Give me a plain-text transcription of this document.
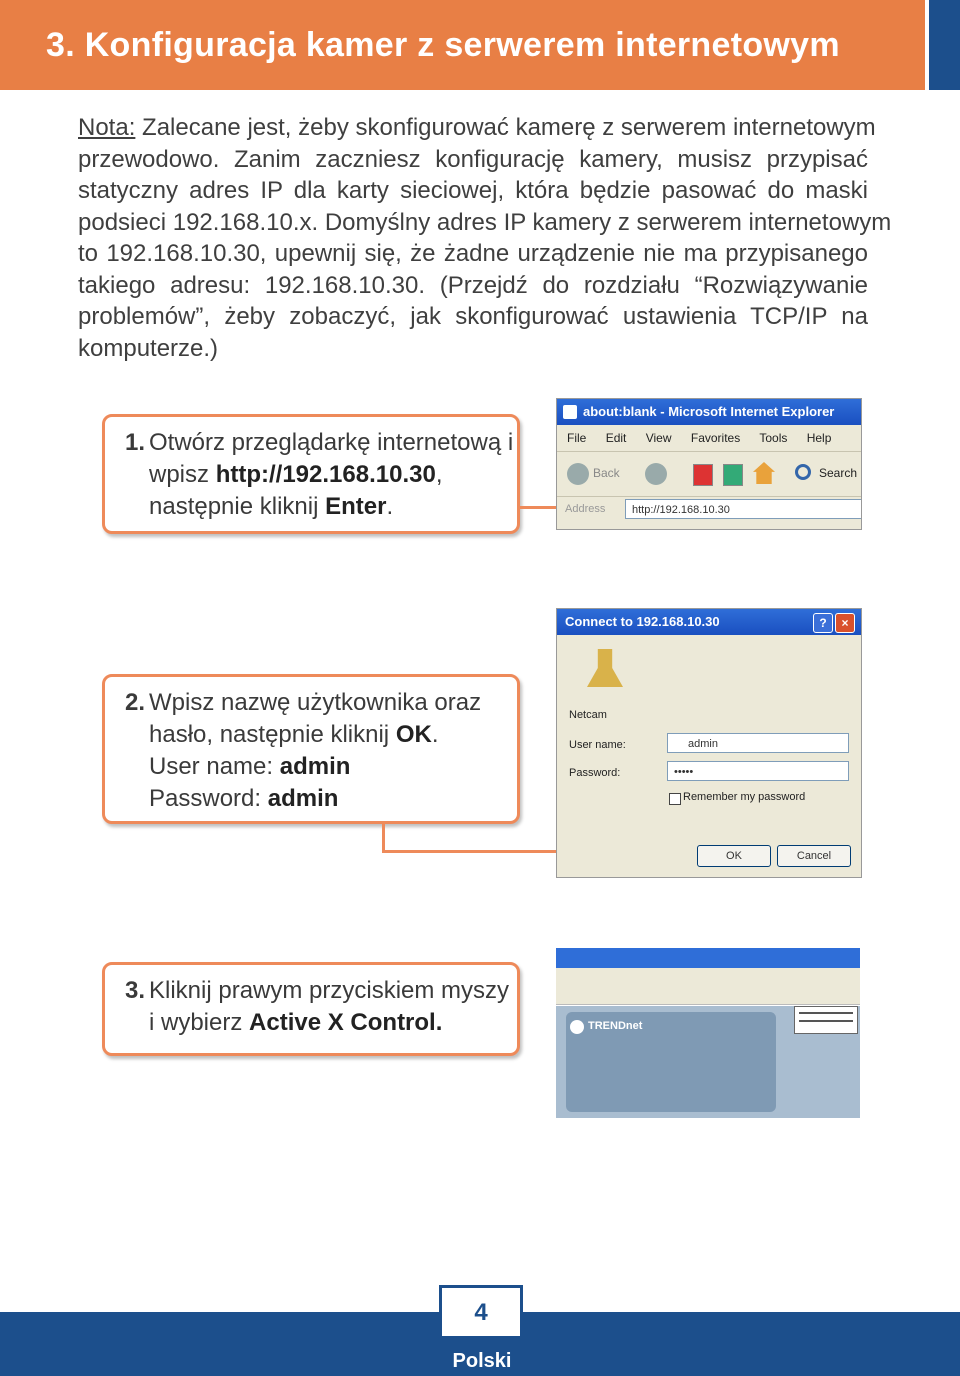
3. Konfiguracja kamer z serwerem internetowym
Nota: Zalecane jest, żeby skonfigurować kamerę z serwerem internetowym
przewodowo. Zanim zaczniesz konfigurację kamery, musisz przypisać
statyczny adres IP dla karty sieciowej, która będzie pasować do maski
podsieci 192.168.10.x. Domyślny adres IP kamery z serwerem internetowym
to 192.168.10.30, upewnij się, że żadne urządzenie nie ma przypisanego
takiego adresu: 192.168.10.30. (Przejdź do rozdziału “Rozwiązywanie
problemów”, żeby zobaczyć, jak skonfigurować ustawienia TCP/IP na
komputerze.)
1. Otwórz przeglądarkę internetową i
wpisz http://192.168.10.30,
następnie kliknij Enter.
about:blank - Microsoft Internet Explorer
File Edit View Favorites Tools Help
Back	Search
Address	http://192.168.10.30
2. Wpisz nazwę użytkownika oraz
hasło, następnie kliknij OK.
User name: admin
Password: admin
Connect to 192.168.10.30	?	×
Netcam
User name:	admin
Password:	•••••
Remember my password
OK	Cancel
3. Kliknij prawym przyciskiem myszy
i wybierz Active X Control.	TRENDnet
4
Polski
